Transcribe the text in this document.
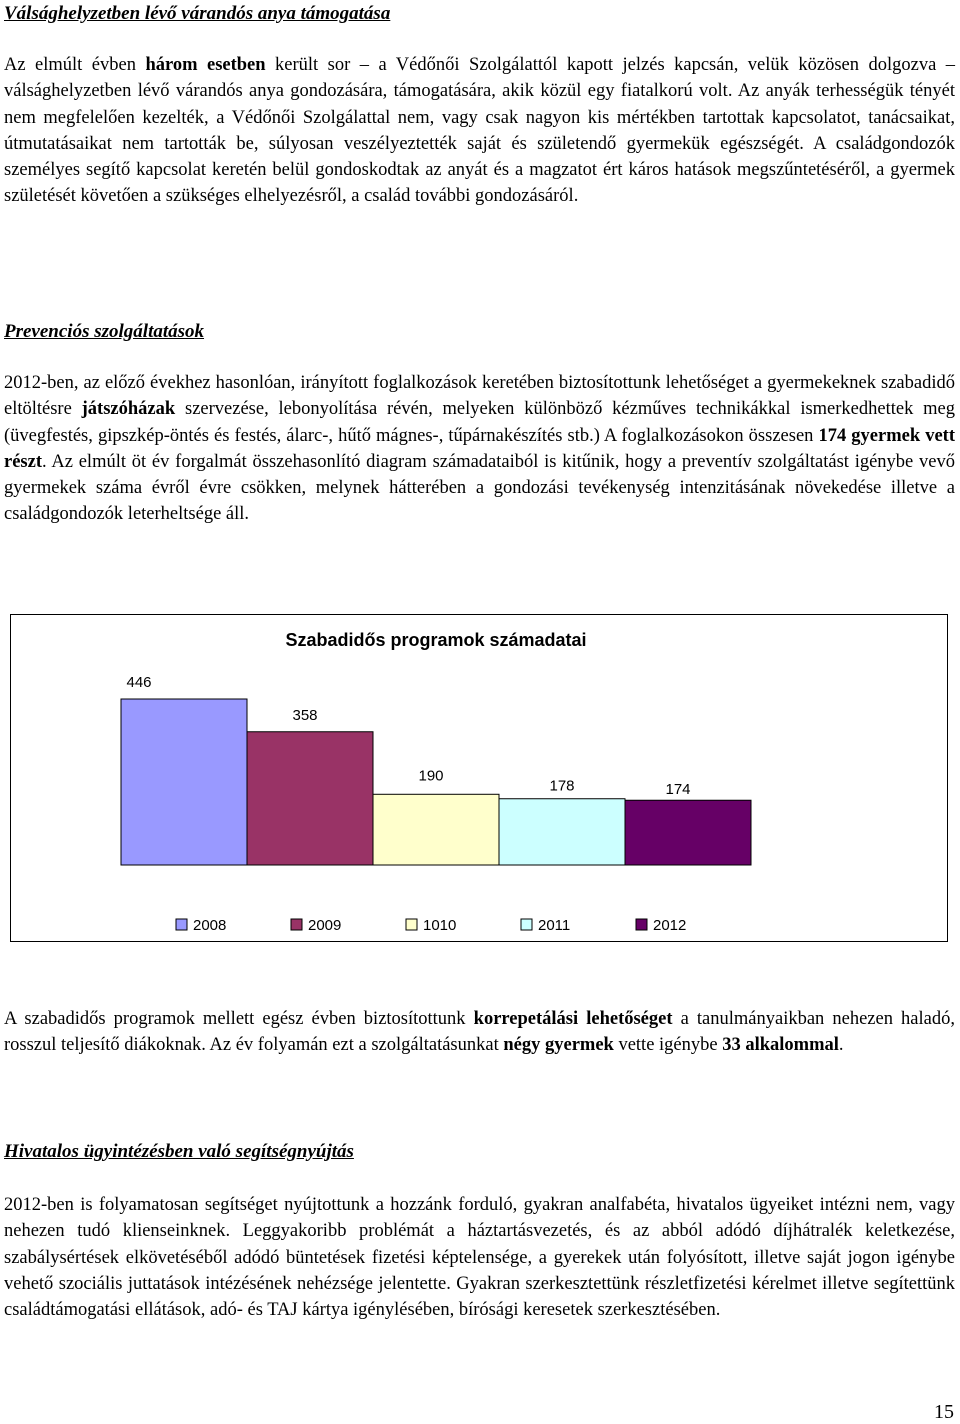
Válsághelyzetben lévő várandós anya támogatása

Az elmúlt évben három esetben került sor – a Védőnői Szolgálattól kapott jelzés kapcsán, velük közösen dolgozva – válsághelyzetben lévő várandós anya gondozására, támogatására, akik közül egy fiatalkorú volt. Az anyák terhességük tényét nem megfelelően kezelték, a Védőnői Szolgálattal nem, vagy csak nagyon kis mértékben tartottak kapcsolatot, tanácsaikat, útmutatásaikat nem tartották be, súlyosan veszélyeztették saját és születendő gyermekük egészségét. A családgondozók személyes segítő kapcsolat keretén belül gondoskodtak az anyát és a magzatot ért káros hatások megszűntetéséről, a gyermek születését követően a szükséges elhelyezésről, a család további gondozásáról.

Prevenciós szolgáltatások

2012-ben, az előző évekhez hasonlóan, irányított foglalkozások keretében biztosítottunk lehetőséget a gyermekeknek szabadidő eltöltésre játszóházak szervezése, lebonyolítása révén, melyeken különböző kézműves technikákkal ismerkedhettek meg (üvegfestés, gipszkép-öntés és festés, álarc-, hűtő mágnes-, tűpárnakészítés stb.) A foglalkozásokon összesen 174 gyermek vett részt. Az elmúlt öt év forgalmát összehasonlító diagram számadataiból is kitűnik, hogy a preventív szolgáltatást igénybe vevő gyermekek száma évről évre csökken, melynek hátterében a gondozási tevékenység intenzitásának növekedése illetve a családgondozók leterheltsége áll.

A szabadidős programok mellett egész évben biztosítottunk korrepetálási lehetőséget a tanulmányaikban nehezen haladó, rosszul teljesítő diákoknak. Az év folyamán ezt a szolgáltatásunkat négy gyermek vette igénybe 33 alkalommal.

Hivatalos ügyintézésben való segítségnyújtás

2012-ben is folyamatosan segítséget nyújtottunk a hozzánk forduló, gyakran analfabéta, hivatalos ügyeiket intézni nem, vagy nehezen tudó klienseinknek. Leggyakoribb problémát a háztartásvezetés, és az abból adódó díjhátralék keletkezése, szabálysértések elkövetéséből adódó büntetések fizetési képtelensége, a gyerekek után folyósított, illetve saját jogon igénybe vehető szociális juttatások intézésének nehézsége jelentette. Gyakran szerkesztettünk részletfizetési kérelmet illetve segítettünk családtámogatási ellátások, adó- és TAJ kártya igénylésében, bírósági keresetek szerkesztésében.

Szabadidős programok számadatai
446
358
190
178	174
2008	2009	1010	2011	2012

15
